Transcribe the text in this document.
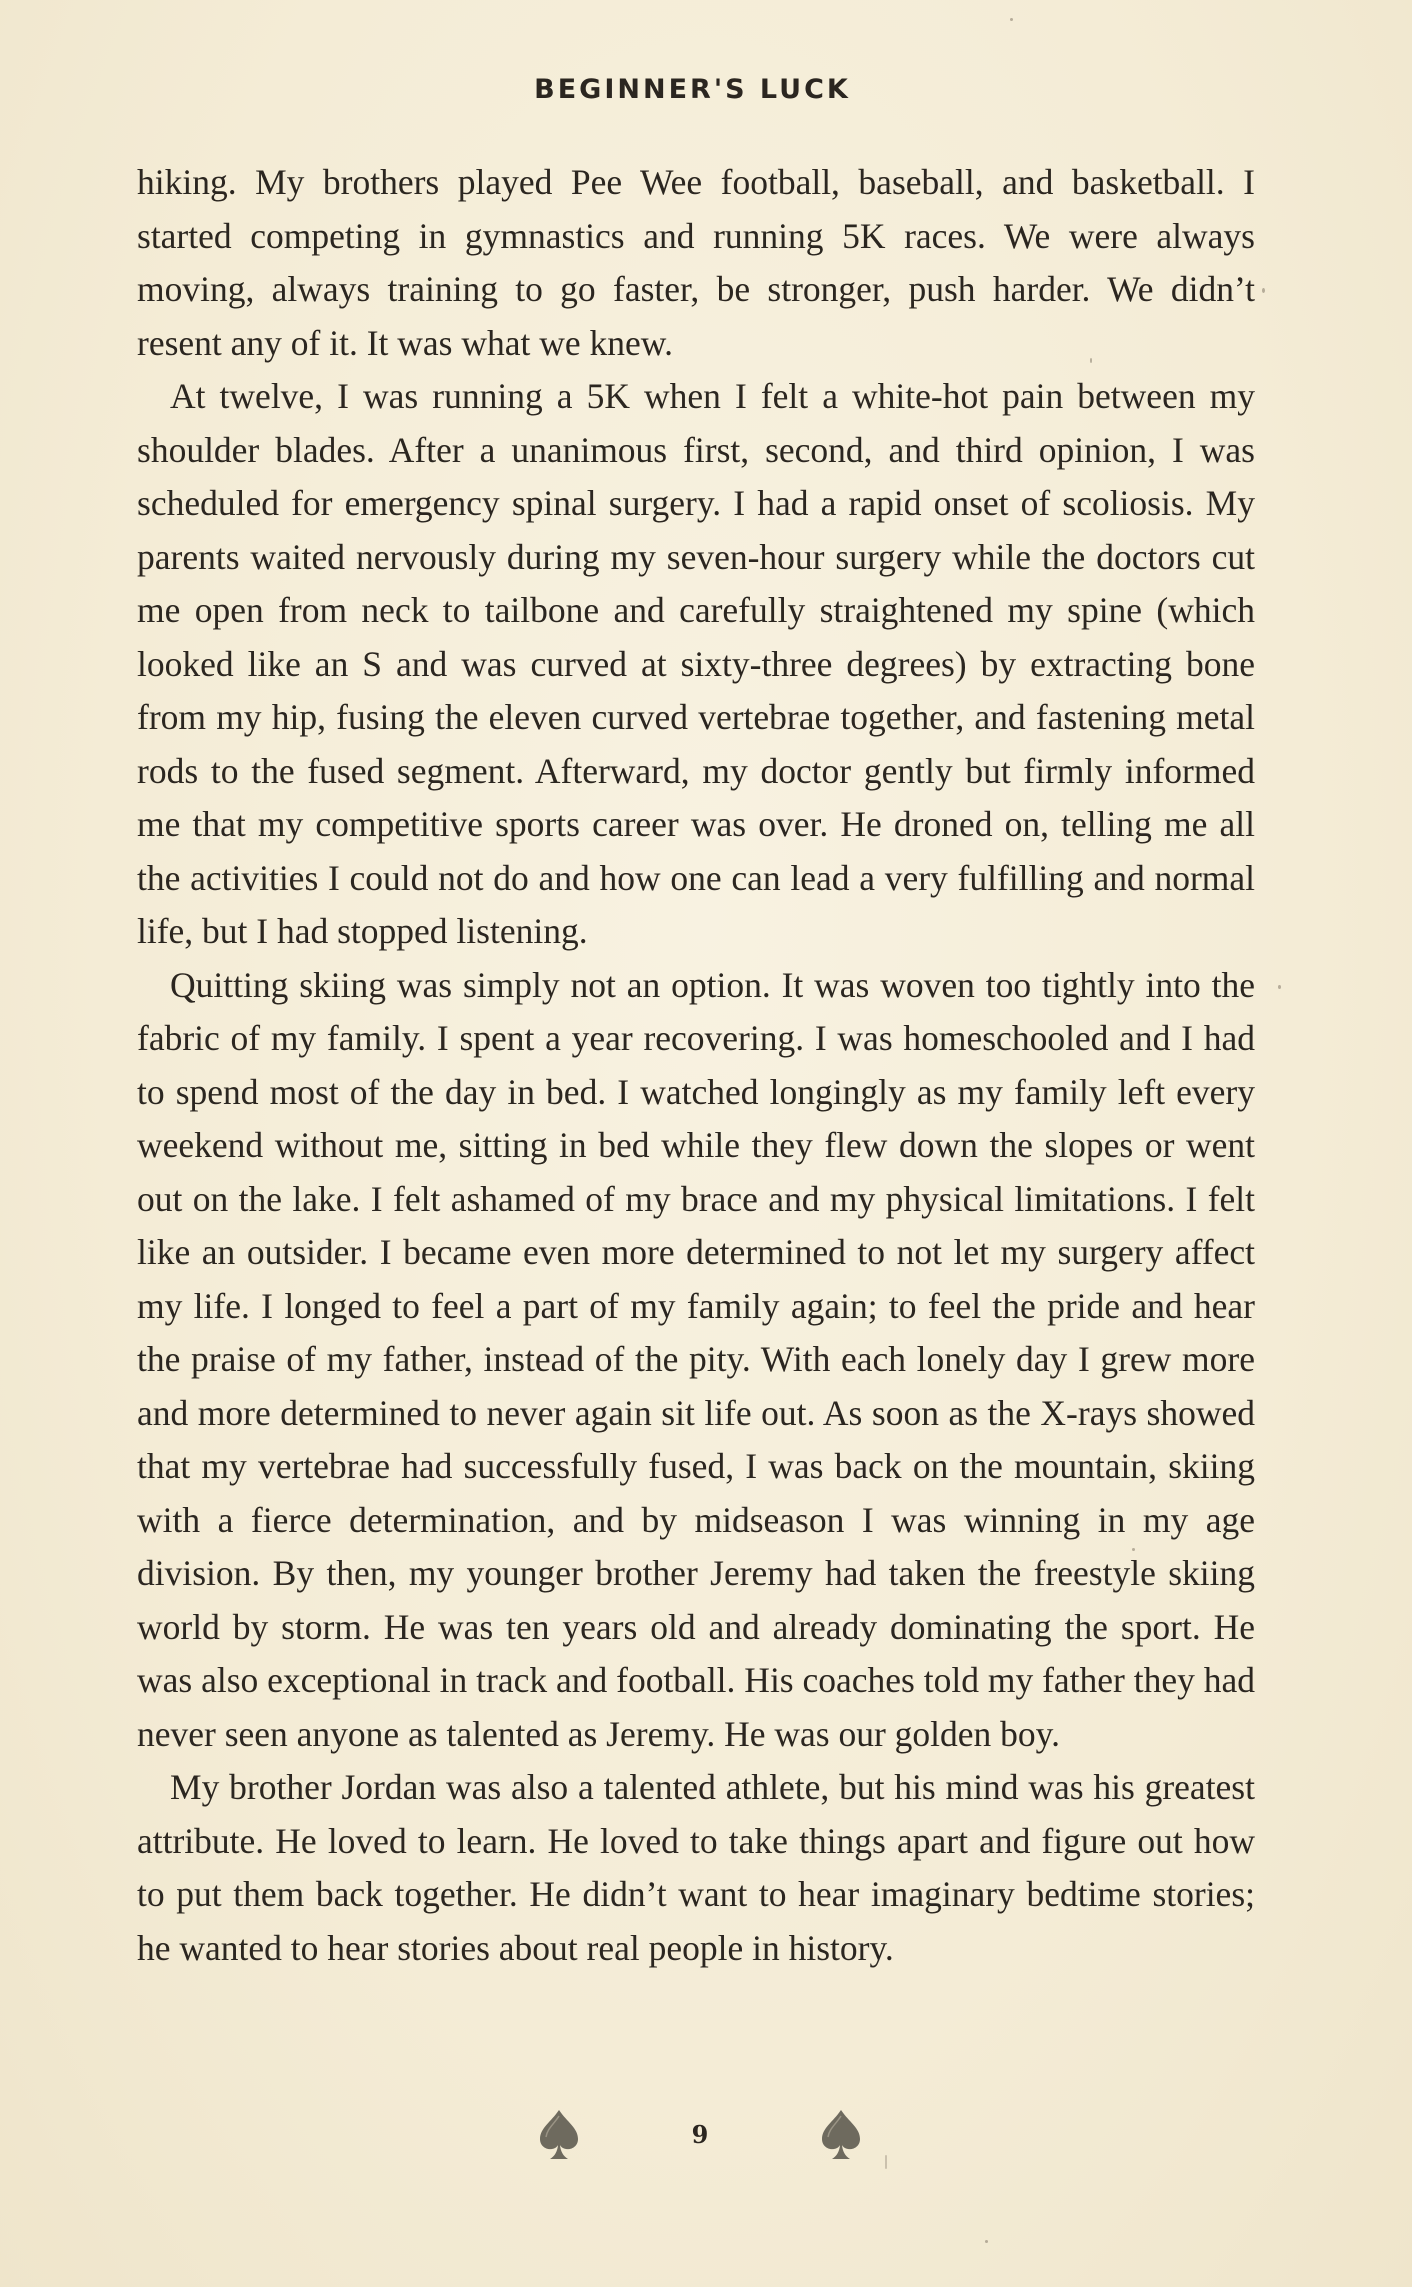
BEGINNER'S LUCK

hiking. My brothers played Pee Wee football, baseball, and basketball. I started competing in gymnastics and running 5K races. We were always moving, always training to go faster, be stronger, push harder. We didn’t resent any of it. It was what we knew.

At twelve, I was running a 5K when I felt a white-hot pain between my shoulder blades. After a unanimous first, second, and third opinion, I was scheduled for emergency spinal surgery. I had a rapid onset of scoliosis. My parents waited nervously during my seven-hour surgery while the doctors cut me open from neck to tailbone and carefully straightened my spine (which looked like an S and was curved at sixty-three degrees) by extracting bone from my hip, fusing the eleven curved vertebrae together, and fastening metal rods to the fused segment. Afterward, my doctor gently but firmly informed me that my competitive sports career was over. He droned on, telling me all the activities I could not do and how one can lead a very fulfilling and normal life, but I had stopped listening.

Quitting skiing was simply not an option. It was woven too tightly into the fabric of my family. I spent a year recovering. I was homeschooled and I had to spend most of the day in bed. I watched longingly as my family left every weekend without me, sitting in bed while they flew down the slopes or went out on the lake. I felt ashamed of my brace and my physical limitations. I felt like an outsider. I became even more determined to not let my surgery affect my life. I longed to feel a part of my family again; to feel the pride and hear the praise of my father, instead of the pity. With each lonely day I grew more and more determined to never again sit life out. As soon as the X-rays showed that my vertebrae had successfully fused, I was back on the mountain, skiing with a fierce determination, and by midseason I was winning in my age division. By then, my younger brother Jeremy had taken the freestyle skiing world by storm. He was ten years old and already dominating the sport. He was also exceptional in track and football. His coaches told my father they had never seen anyone as talented as Jeremy. He was our golden boy.

My brother Jordan was also a talented athlete, but his mind was his greatest attribute. He loved to learn. He loved to take things apart and figure out how to put them back together. He didn’t want to hear imaginary bedtime stories; he wanted to hear stories about real people in history.

9
